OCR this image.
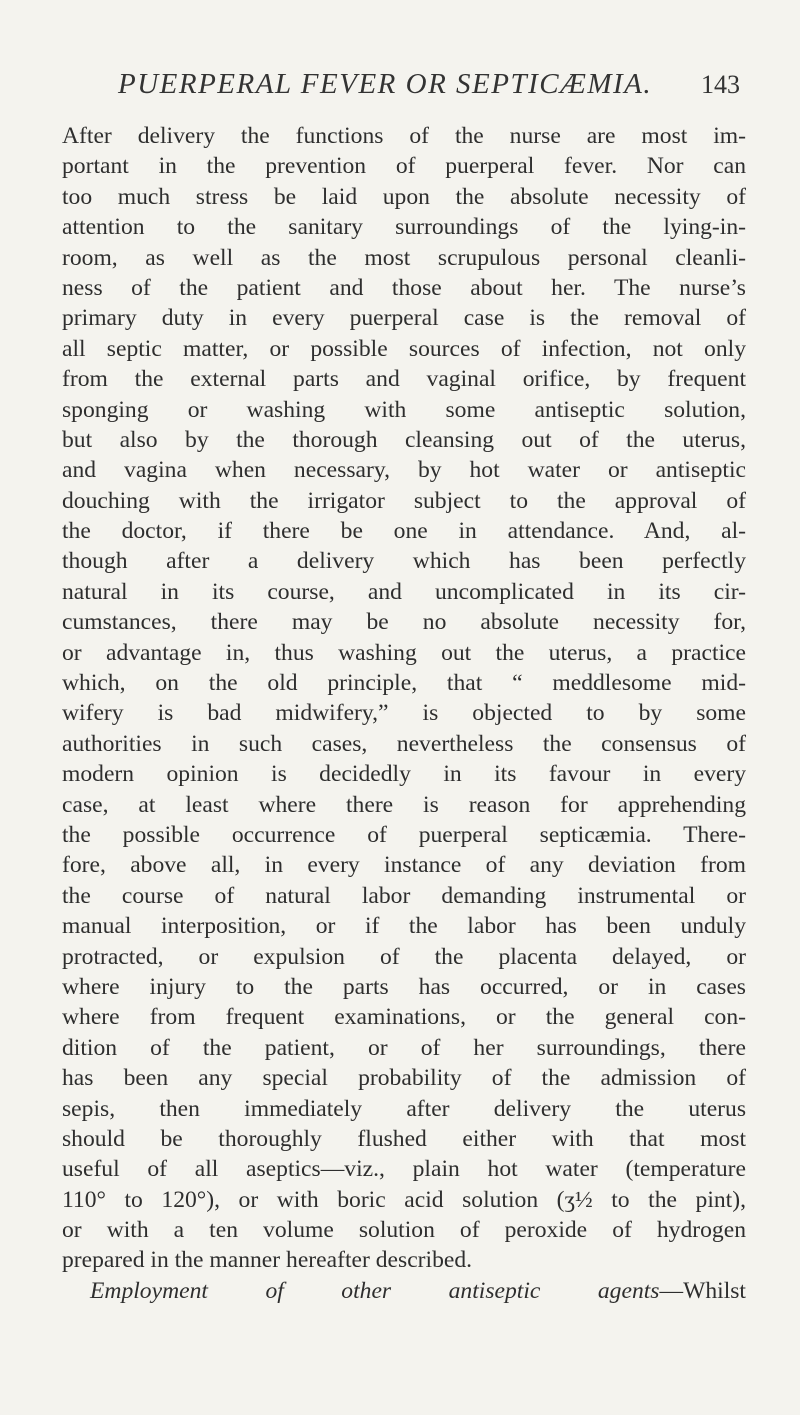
PUERPERAL FEVER OR SEPTICÆMIA. 143
After delivery the functions of the nurse are most im-
portant in the prevention of puerperal fever. Nor can
too much stress be laid upon the absolute necessity of
attention to the sanitary surroundings of the lying-in-
room, as well as the most scrupulous personal cleanli-
ness of the patient and those about her. The nurse’s
primary duty in every puerperal case is the removal of
all septic matter, or possible sources of infection, not only
from the external parts and vaginal orifice, by frequent
sponging or washing with some antiseptic solution,
but also by the thorough cleansing out of the uterus,
and vagina when necessary, by hot water or antiseptic
douching with the irrigator subject to the approval of
the doctor, if there be one in attendance. And, al-
though after a delivery which has been perfectly
natural in its course, and uncomplicated in its cir-
cumstances, there may be no absolute necessity for,
or advantage in, thus washing out the uterus, a practice
which, on the old principle, that “ meddlesome mid-
wifery is bad midwifery,” is objected to by some
authorities in such cases, nevertheless the consensus of
modern opinion is decidedly in its favour in every
case, at least where there is reason for apprehending
the possible occurrence of puerperal septicæmia. There-
fore, above all, in every instance of any deviation from
the course of natural labor demanding instrumental or
manual interposition, or if the labor has been unduly
protracted, or expulsion of the placenta delayed, or
where injury to the parts has occurred, or in cases
where from frequent examinations, or the general con-
dition of the patient, or of her surroundings, there
has been any special probability of the admission of
sepis, then immediately after delivery the uterus
should be thoroughly flushed either with that most
useful of all aseptics—viz., plain hot water (temperature
110° to 120°), or with boric acid solution (ʒ½ to the pint),
or with a ten volume solution of peroxide of hydrogen
prepared in the manner hereafter described.
Employment of other antiseptic agents—Whilst
